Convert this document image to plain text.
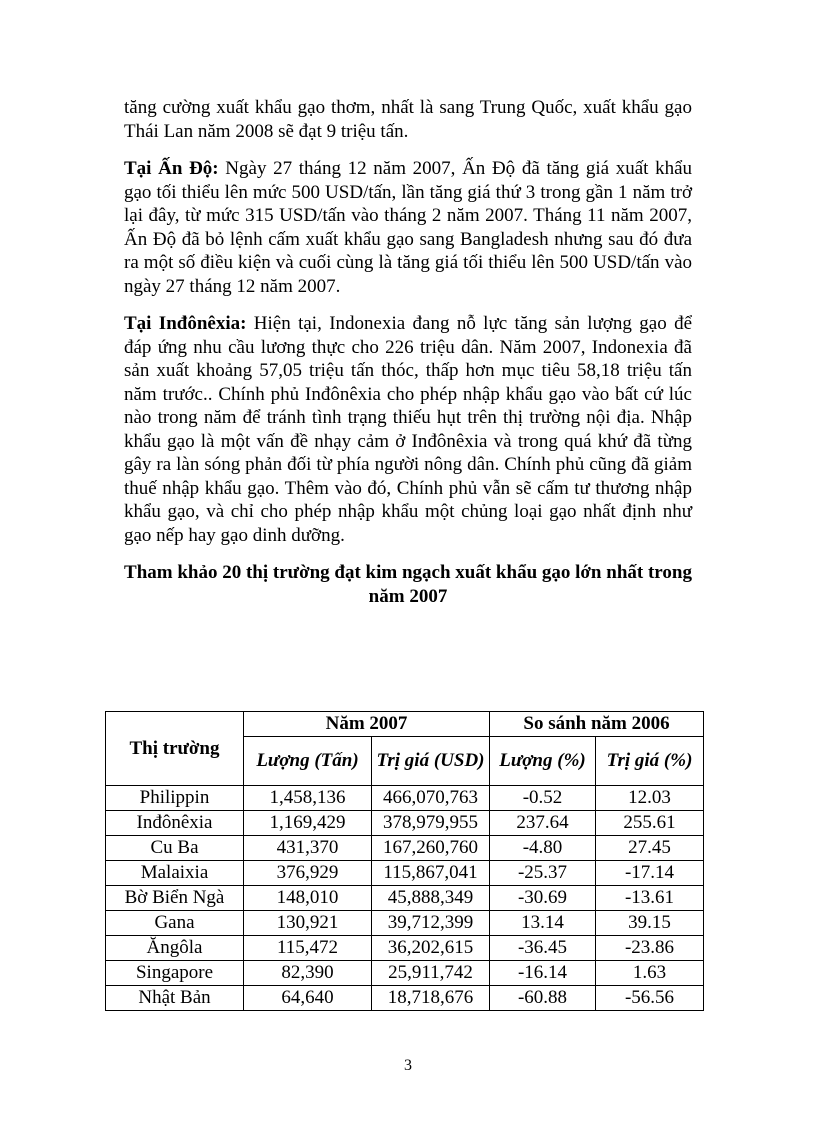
tăng cường xuất khẩu gạo thơm, nhất là sang Trung Quốc, xuất khẩu gạo Thái Lan năm 2008 sẽ đạt 9 triệu tấn.

Tại Ấn Độ: Ngày 27 tháng 12 năm 2007, Ấn Độ đã tăng giá xuất khẩu gạo tối thiểu lên mức 500 USD/tấn, lần tăng giá thứ 3 trong gần 1 năm trở lại đây, từ mức 315 USD/tấn vào tháng 2 năm 2007. Tháng 11 năm 2007, Ấn Độ đã bỏ lệnh cấm xuất khẩu gạo sang Bangladesh nhưng sau đó đưa ra một số điều kiện và cuối cùng là tăng giá tối thiểu lên 500 USD/tấn vào ngày 27 tháng 12 năm 2007.

Tại Inđônêxia: Hiện tại, Indonexia đang nỗ lực tăng sản lượng gạo để đáp ứng nhu cầu lương thực cho 226 triệu dân. Năm 2007, Indonexia đã sản xuất khoảng 57,05 triệu tấn thóc, thấp hơn mục tiêu 58,18 triệu tấn năm trước.. Chính phủ Inđônêxia cho phép nhập khẩu gạo vào bất cứ lúc nào trong năm để tránh tình trạng thiếu hụt trên thị trường nội địa. Nhập khẩu gạo là một vấn đề nhạy cảm ở Inđônêxia và trong quá khứ đã từng gây ra làn sóng phản đối từ phía người nông dân. Chính phủ cũng đã giảm thuế nhập khẩu gạo. Thêm vào đó, Chính phủ vẫn sẽ cấm tư thương nhập khẩu gạo, và chỉ cho phép nhập khẩu một chủng loại gạo nhất định như gạo nếp hay gạo dinh dưỡng.

Tham khảo 20 thị trường đạt kim ngạch xuất khẩu gạo lớn nhất trong năm 2007
Thị trường	Năm 2007		So sánh năm 2006	
	Lượng (Tấn)	Trị giá (USD)	Lượng (%)	Trị giá (%)
Philippin	1,458,136	466,070,763	-0.52	12.03
Inđônêxia	1,169,429	378,979,955	237.64	255.61
Cu Ba	431,370	167,260,760	-4.80	27.45
Malaixia	376,929	115,867,041	-25.37	-17.14
Bờ Biển Ngà	148,010	45,888,349	-30.69	-13.61
Gana	130,921	39,712,399	13.14	39.15
Ăngôla	115,472	36,202,615	-36.45	-23.86
Singapore	82,390	25,911,742	-16.14	1.63
Nhật Bản	64,640	18,718,676	-60.88	-56.56
3
